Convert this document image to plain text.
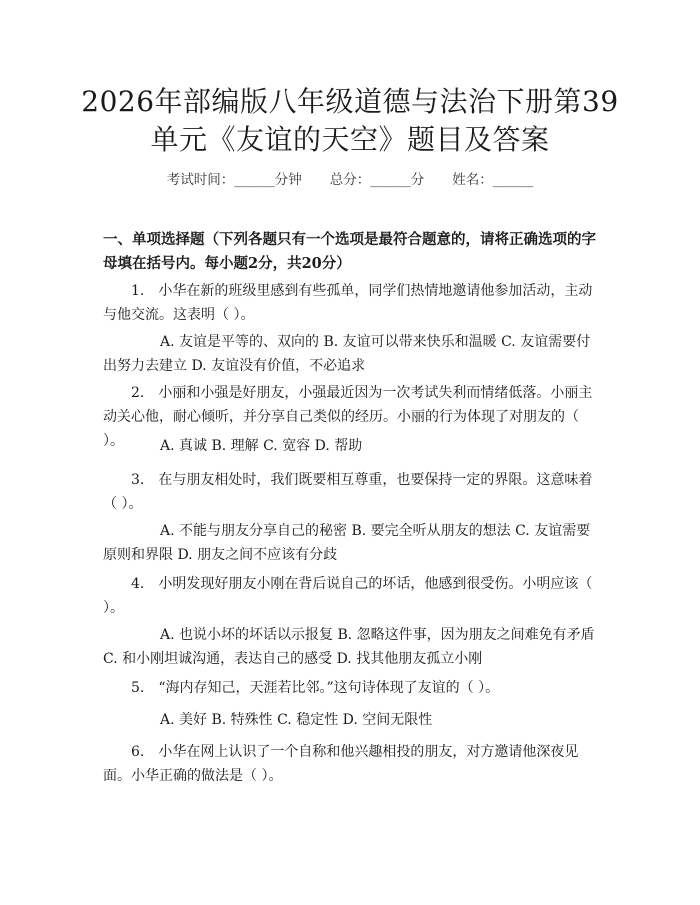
2026年部编版八年级道德与法治下册第39
单元《友谊的天空》题目及答案
考试时间：______分钟 总分：______分 姓名：______
一、单项选择题（下列各题只有一个选项是最符合题意的，请将正确选项的字母填在括号内。每小题2分，共20分）
1.　小华在新的班级里感到有些孤单，同学们热情地邀请他参加活动，主动与他交流。这表明（ ）。
A. 友谊是平等的、双向的 B. 友谊可以带来快乐和温暖 C. 友谊需要付出努力去建立 D. 友谊没有价值，不必追求
2.　小丽和小强是好朋友，小强最近因为一次考试失利而情绪低落。小丽主动关心他，耐心倾听，并分享自己类似的经历。小丽的行为体现了对朋友的（ ）。	A. 真诚 B. 理解 C. 宽容 D. 帮助
3.　在与朋友相处时，我们既要相互尊重，也要保持一定的界限。这意味着（ ）。
A. 不能与朋友分享自己的秘密 B. 要完全听从朋友的想法 C. 友谊需要原则和界限 D. 朋友之间不应该有分歧
4.　小明发现好朋友小刚在背后说自己的坏话，他感到很受伤。小明应该（ ）。
A. 也说小坏的坏话以示报复 B. 忽略这件事，因为朋友之间难免有矛盾 C. 和小刚坦诚沟通，表达自己的感受 D. 找其他朋友孤立小刚
5.　“海内存知己，天涯若比邻。”这句诗体现了友谊的（ ）。
A. 美好 B. 特殊性 C. 稳定性 D. 空间无限性
6.　小华在网上认识了一个自称和他兴趣相投的朋友，对方邀请他深夜见面。小华正确的做法是（ ）。
